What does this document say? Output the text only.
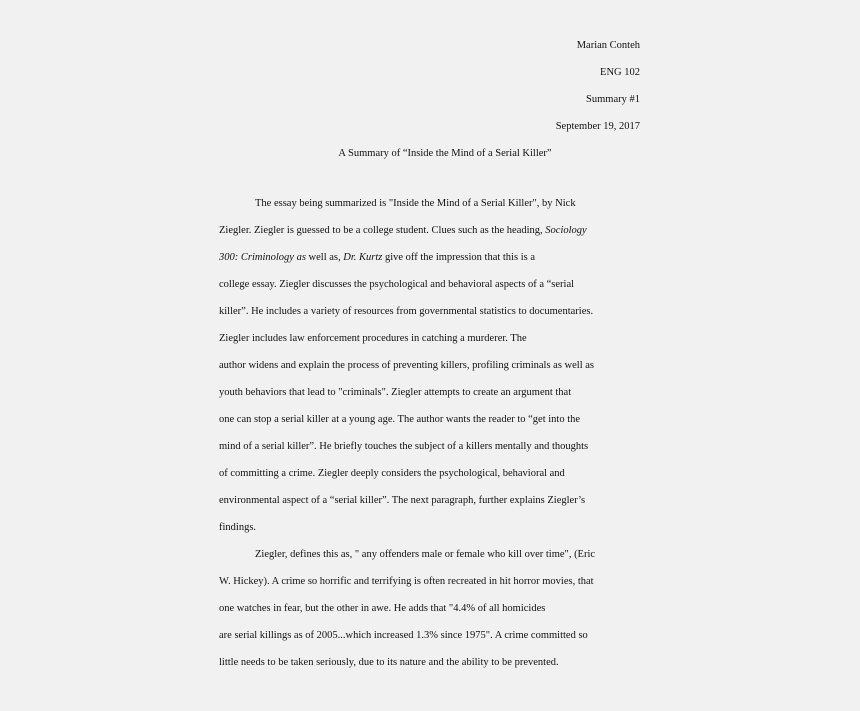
Marian Conteh
ENG 102
Summary #1
September 19, 2017
A Summary of “Inside the Mind of a Serial Killer”
The essay being summarized is "Inside the Mind of a Serial Killer", by Nick
Ziegler. Ziegler is guessed to be a college student. Clues such as the heading, Sociology
300: Criminology as well as, Dr. Kurtz give off the impression that this is a
college essay. Ziegler discusses the psychological and behavioral aspects of a “serial
killer”. He includes a variety of resources from governmental statistics to documentaries.
Ziegler includes law enforcement procedures in catching a murderer. The
author widens and explain the process of preventing killers, profiling criminals as well as
youth behaviors that lead to "criminals". Ziegler attempts to create an argument that
one can stop a serial killer at a young age. The author wants the reader to “get into the
mind of a serial killer”. He briefly touches the subject of a killers mentally and thoughts
of committing a crime. Ziegler deeply considers the psychological, behavioral and
environmental aspect of a “serial killer”. The next paragraph, further explains Ziegler’s
findings.
Ziegler, defines this as, " any offenders male or female who kill over time", (Eric
W. Hickey). A crime so horrific and terrifying is often recreated in hit horror movies, that
one watches in fear, but the other in awe. He adds that "4.4% of all homicides
are serial killings as of 2005...which increased 1.3% since 1975". A crime committed so
little needs to be taken seriously, due to its nature and the ability to be prevented.
